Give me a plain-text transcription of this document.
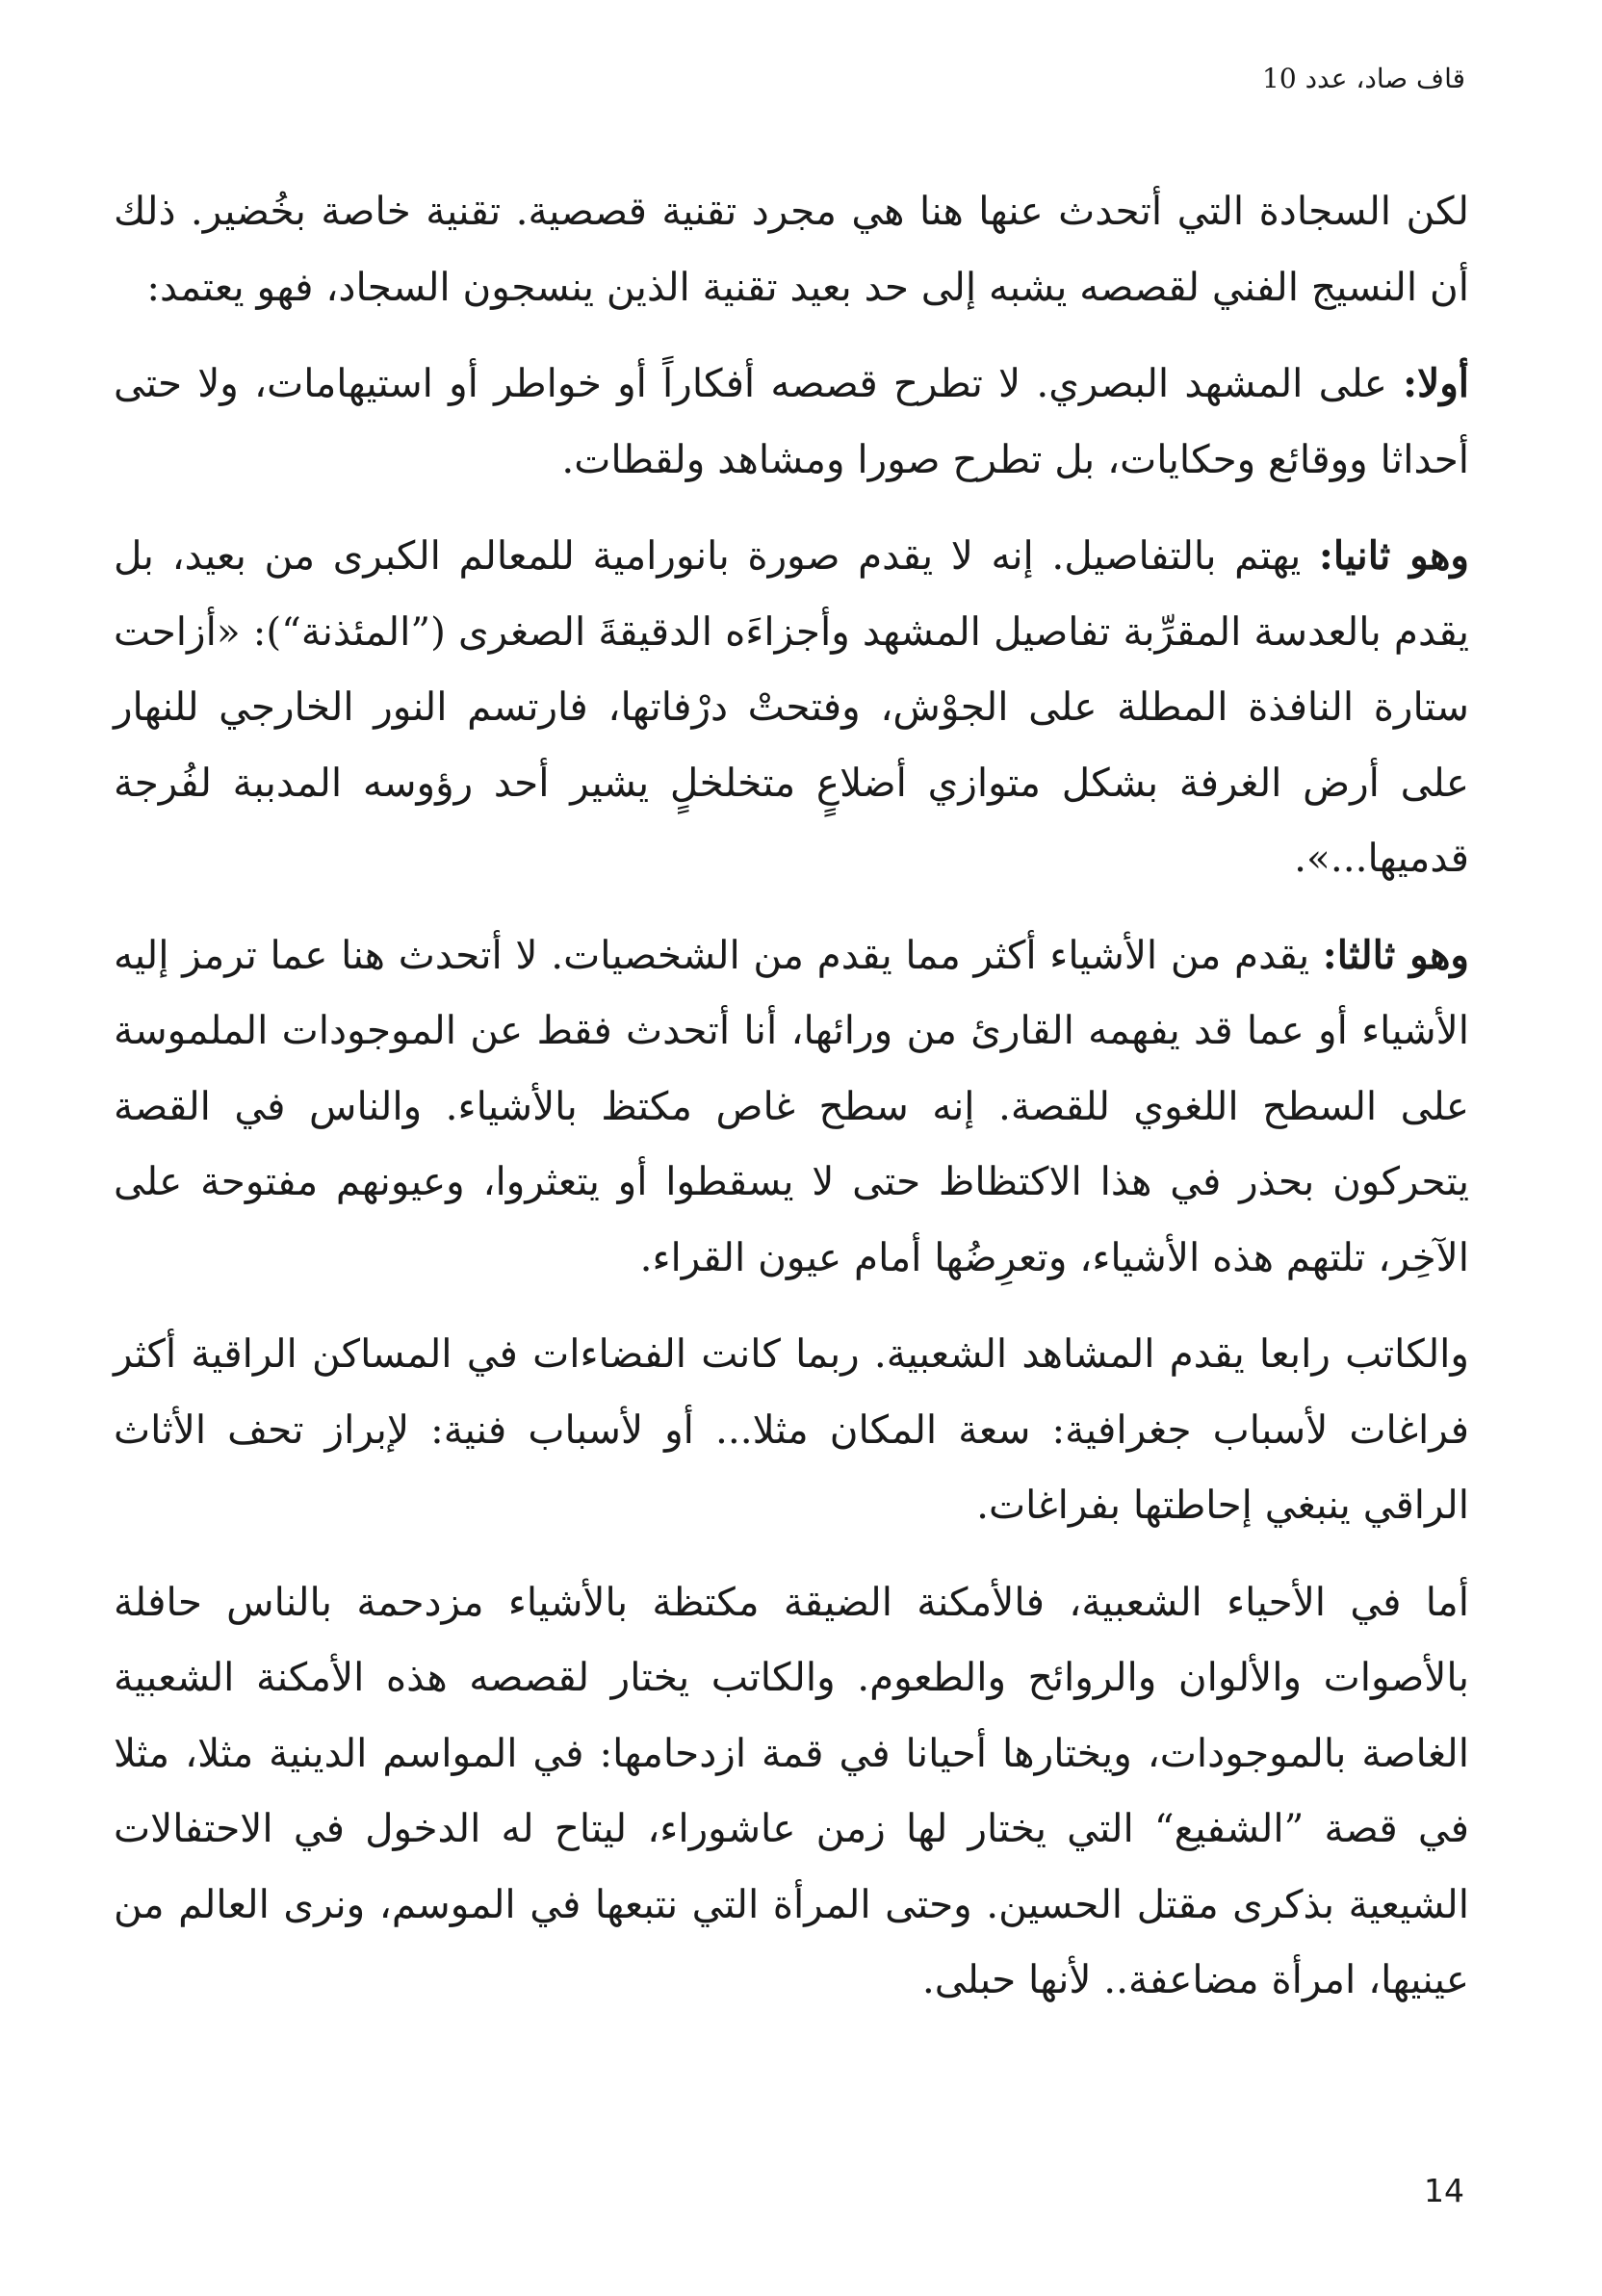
قاف صاد، عدد 10

لكن السجادة التي أتحدث عنها هنا هي مجرد تقنية قصصية. تقنية خاصة بخُضير. ذلك أن النسيج الفني لقصصه يشبه إلى حد بعيد تقنية الذين ينسجون السجاد، فهو يعتمد:

أولا: على المشهد البصري. لا تطرح قصصه أفكاراً أو خواطر أو استيهامات، ولا حتى أحداثا ووقائع وحكايات، بل تطرح صورا ومشاهد ولقطات.

وهو ثانيا: يهتم بالتفاصيل. إنه لا يقدم صورة بانورامية للمعالم الكبرى من بعيد، بل يقدم بالعدسة المقرِّبة تفاصيل المشهد وأجزاءَه الدقيقةَ الصغرى (”المئذنة“): «أزاحت ستارة النافذة المطلة على الجوْش، وفتحتْ درْفاتها، فارتسم النور الخارجي للنهار على أرض الغرفة بشكل متوازي أضلاعٍ متخلخلٍ يشير أحد رؤوسه المدببة لفُرجة قدميها...».

وهو ثالثا: يقدم من الأشياء أكثر مما يقدم من الشخصيات. لا أتحدث هنا عما ترمز إليه الأشياء أو عما قد يفهمه القارئ من ورائها، أنا أتحدث فقط عن الموجودات الملموسة على السطح اللغوي للقصة. إنه سطح غاص مكتظ بالأشياء. والناس في القصة يتحركون بحذر في هذا الاكتظاظ حتى لا يسقطوا أو يتعثروا، وعيونهم مفتوحة على الآخِر، تلتهم هذه الأشياء، وتعرِضُها أمام عيون القراء.

والكاتب رابعا يقدم المشاهد الشعبية. ربما كانت الفضاءات في المساكن الراقية أكثر فراغات لأسباب جغرافية: سعة المكان مثلا... أو لأسباب فنية: لإبراز تحف الأثاث الراقي ينبغي إحاطتها بفراغات.

أما في الأحياء الشعبية، فالأمكنة الضيقة مكتظة بالأشياء مزدحمة بالناس حافلة بالأصوات والألوان والروائح والطعوم. والكاتب يختار لقصصه هذه الأمكنة الشعبية الغاصة بالموجودات، ويختارها أحيانا في قمة ازدحامها: في المواسم الدينية مثلا، مثلا في قصة ”الشفيع“ التي يختار لها زمن عاشوراء، ليتاح له الدخول في الاحتفالات الشيعية بذكرى مقتل الحسين. وحتى المرأة التي نتبعها في الموسم، ونرى العالم من عينيها، امرأة مضاعفة.. لأنها حبلى.

14
